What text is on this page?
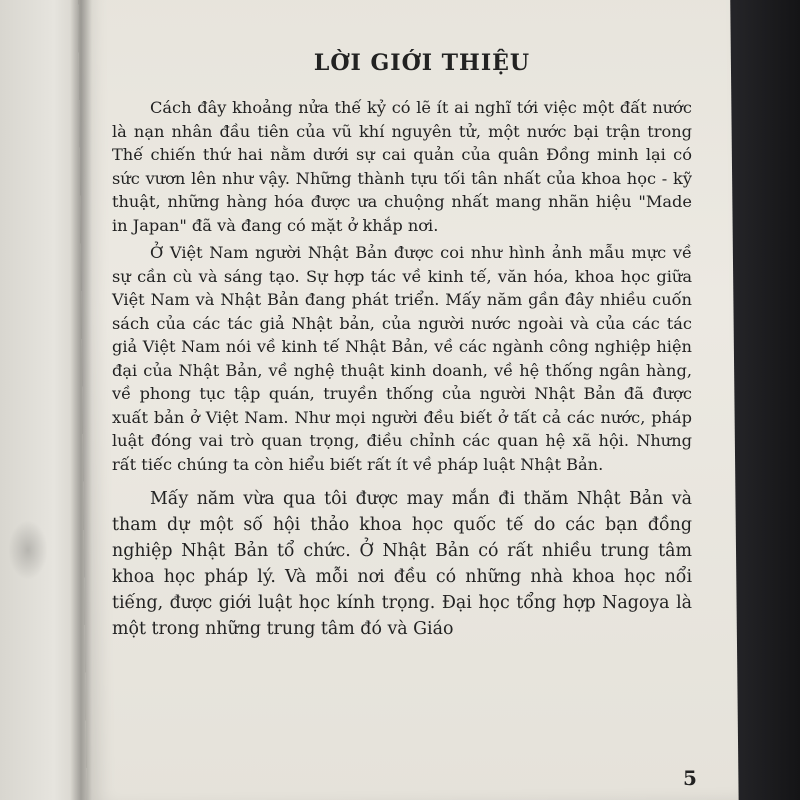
LỜI GIỚI THIỆU

Cách đây khoảng nửa thế kỷ có lẽ ít ai nghĩ tới việc một đất nước là nạn nhân đầu tiên của vũ khí nguyên tử, một nước bại trận trong Thế chiến thứ hai nằm dưới sự cai quản của quân Đồng minh lại có sức vươn lên như vậy. Những thành tựu tối tân nhất của khoa học - kỹ thuật, những hàng hóa được ưa chuộng nhất mang nhãn hiệu "Made in Japan" đã và đang có mặt ở khắp nơi.

Ở Việt Nam người Nhật Bản được coi như hình ảnh mẫu mực về sự cần cù và sáng tạo. Sự hợp tác về kinh tế, văn hóa, khoa học giữa Việt Nam và Nhật Bản đang phát triển. Mấy năm gần đây nhiều cuốn sách của các tác giả Nhật bản, của người nước ngoài và của các tác giả Việt Nam nói về kinh tế Nhật Bản, về các ngành công nghiệp hiện đại của Nhật Bản, về nghệ thuật kinh doanh, về hệ thống ngân hàng, về phong tục tập quán, truyền thống của người Nhật Bản đã được xuất bản ở Việt Nam. Như mọi người đều biết ở tất cả các nước, pháp luật đóng vai trò quan trọng, điều chỉnh các quan hệ xã hội. Nhưng rất tiếc chúng ta còn hiểu biết rất ít về pháp luật Nhật Bản.

Mấy năm vừa qua tôi được may mắn đi thăm Nhật Bản và tham dự một số hội thảo khoa học quốc tế do các bạn đồng nghiệp Nhật Bản tổ chức. Ở Nhật Bản có rất nhiều trung tâm khoa học pháp lý. Và mỗi nơi đều có những nhà khoa học nổi tiếng, được giới luật học kính trọng. Đại học tổng hợp Nagoya là một trong những trung tâm đó và Giáo

5
